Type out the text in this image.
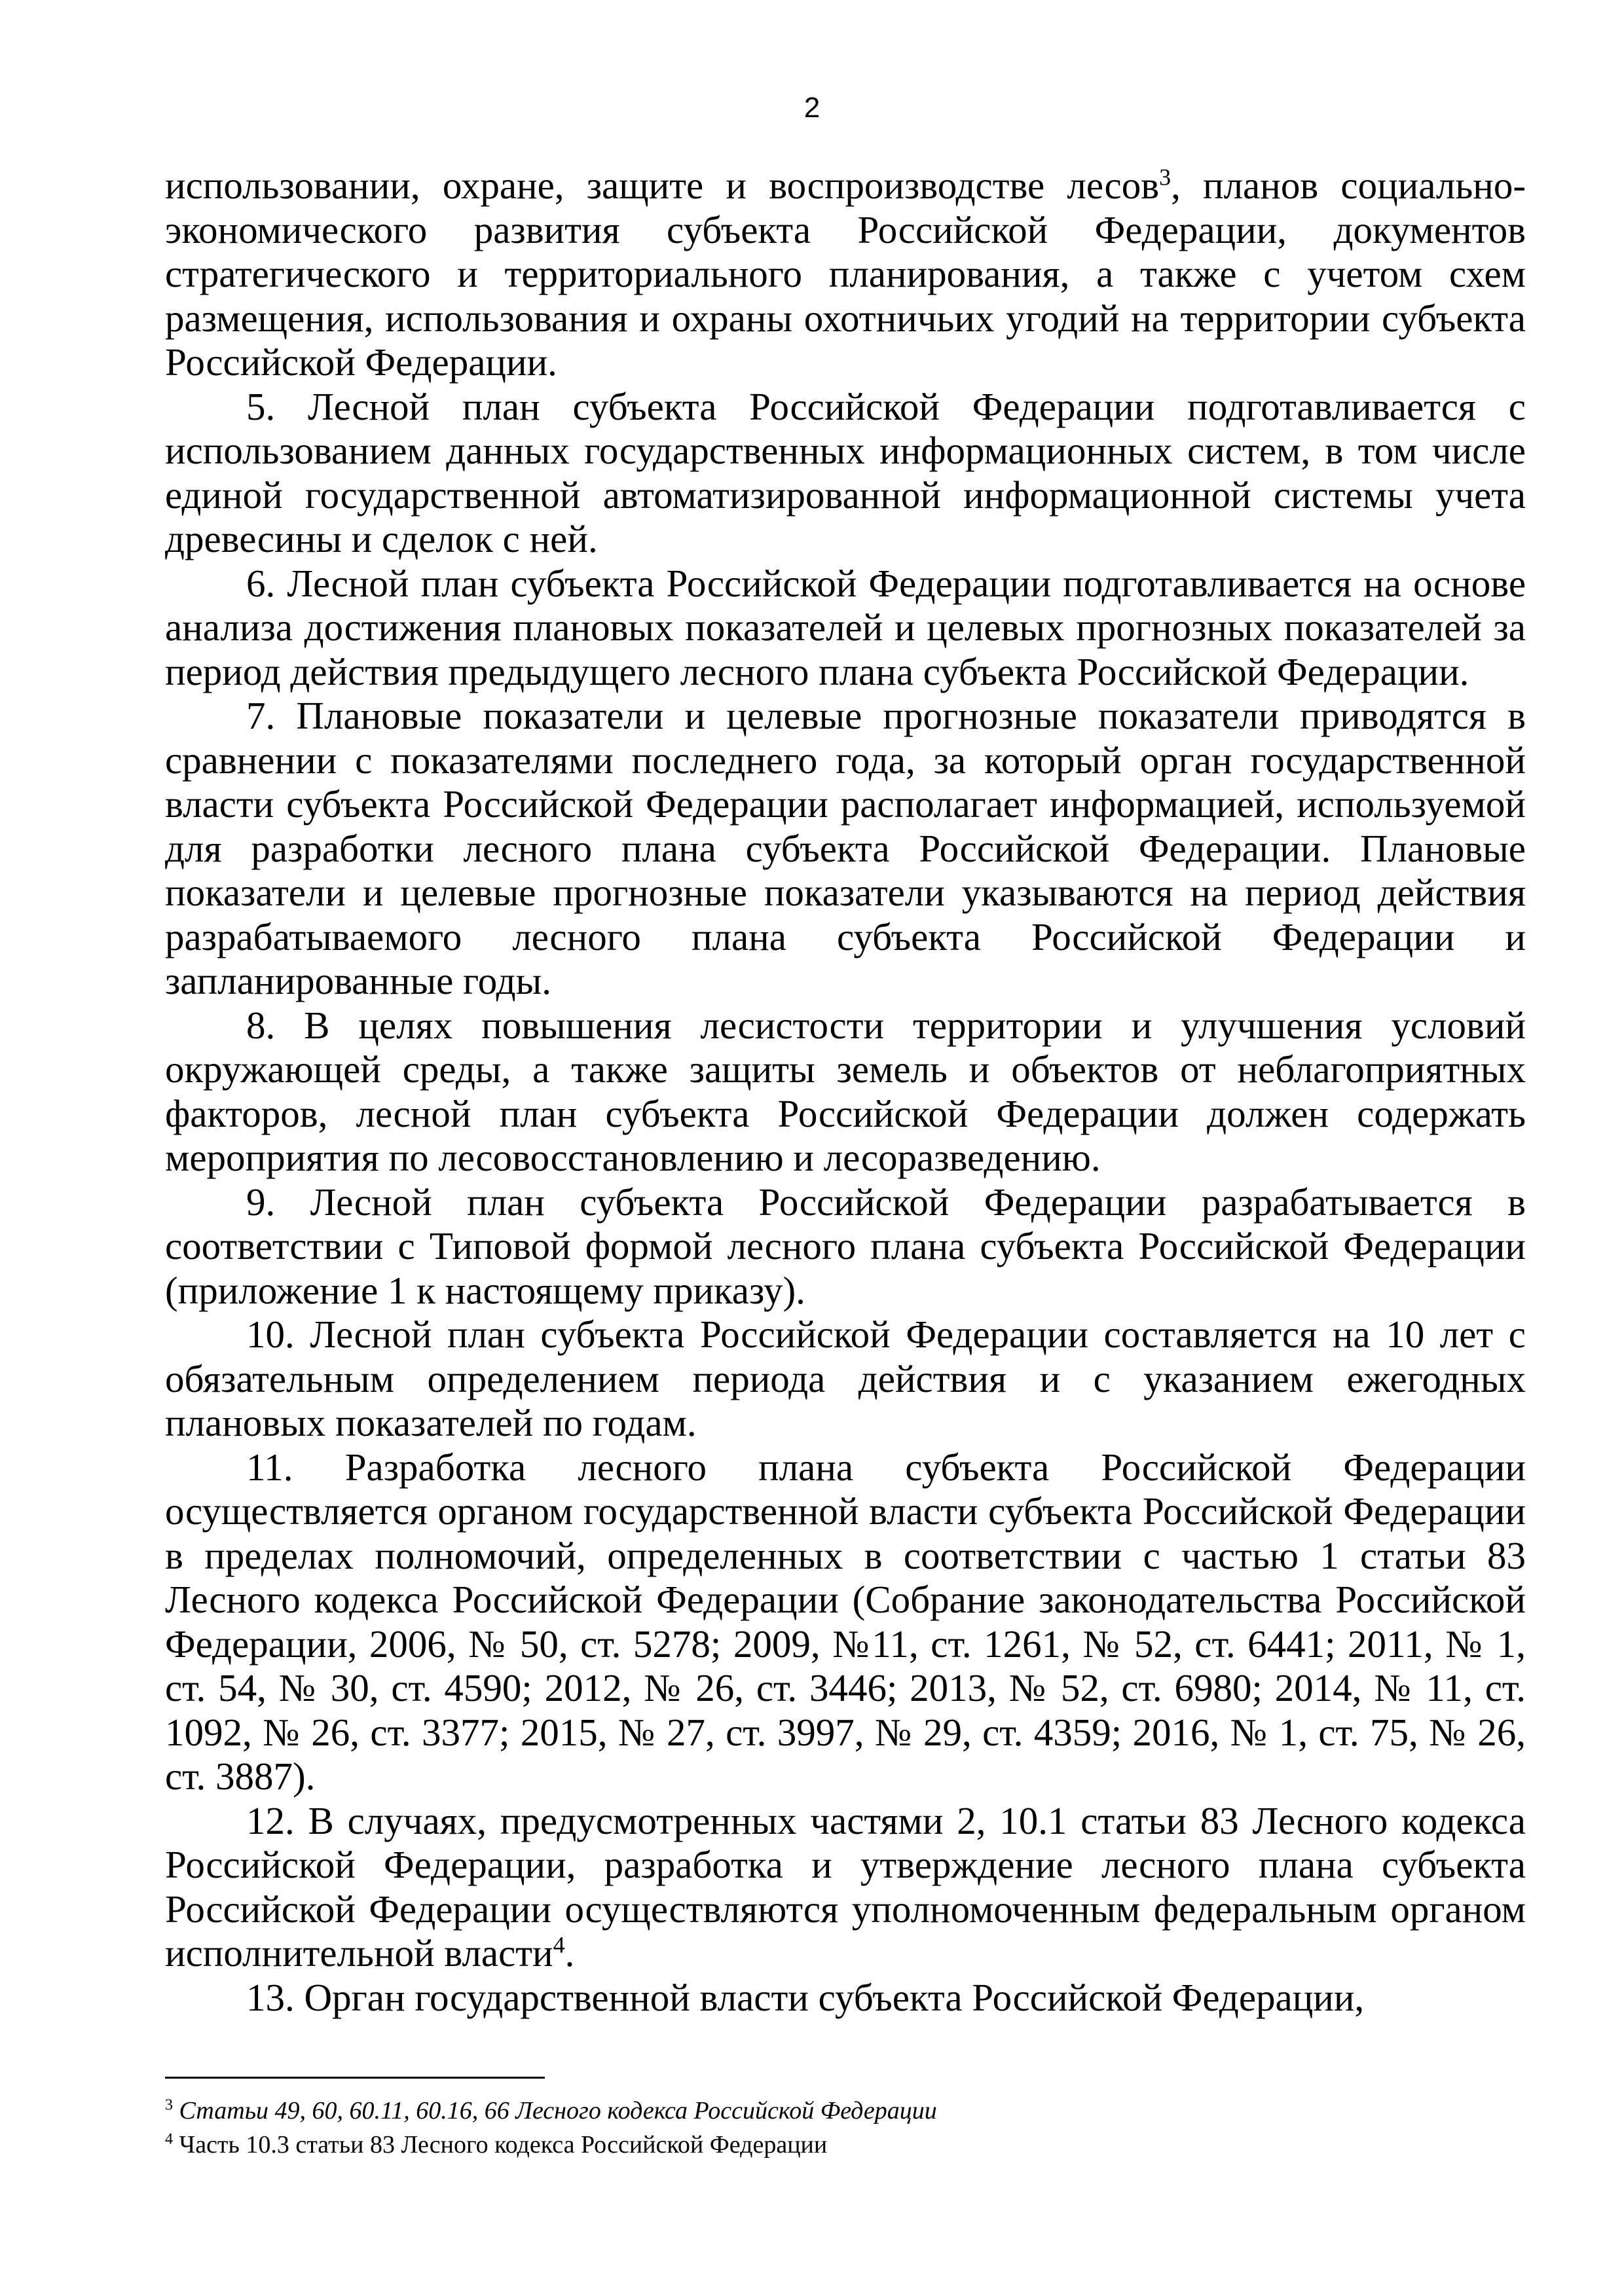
2

использовании, охране, защите и воспроизводстве лесов$^3$, планов социально-экономического развития субъекта Российской Федерации, документов стратегического и территориального планирования, а также с учетом схем размещения, использования и охраны охотничьих угодий на территории субъекта Российской Федерации.

5. Лесной план субъекта Российской Федерации подготавливается с использованием данных государственных информационных систем, в том числе единой государственной автоматизированной информационной системы учета древесины и сделок с ней.

6. Лесной план субъекта Российской Федерации подготавливается на основе анализа достижения плановых показателей и целевых прогнозных показателей за период действия предыдущего лесного плана субъекта Российской Федерации.

7. Плановые показатели и целевые прогнозные показатели приводятся в сравнении с показателями последнего года, за который орган государственной власти субъекта Российской Федерации располагает информацией, используемой для разработки лесного плана субъекта Российской Федерации. Плановые показатели и целевые прогнозные показатели указываются на период действия разрабатываемого лесного плана субъекта Российской Федерации и запланированные годы.

8. В целях повышения лесистости территории и улучшения условий окружающей среды, а также защиты земель и объектов от неблагоприятных факторов, лесной план субъекта Российской Федерации должен содержать мероприятия по лесовосстановлению и лесоразведению.

9. Лесной план субъекта Российской Федерации разрабатывается в соответствии с Типовой формой лесного плана субъекта Российской Федерации (приложение 1 к настоящему приказу).

10. Лесной план субъекта Российской Федерации составляется на 10 лет с обязательным определением периода действия и с указанием ежегодных плановых показателей по годам.

11. Разработка лесного плана субъекта Российской Федерации осуществляется органом государственной власти субъекта Российской Федерации в пределах полномочий, определенных в соответствии с частью 1 статьи 83 Лесного кодекса Российской Федерации (Собрание законодательства Российской Федерации, 2006, № 50, ст. 5278; 2009, №11, ст. 1261, № 52, ст. 6441; 2011, № 1, ст. 54, № 30, ст. 4590; 2012, № 26, ст. 3446; 2013, № 52, ст. 6980; 2014, № 11, ст. 1092, № 26, ст. 3377; 2015, № 27, ст. 3997, № 29, ст. 4359; 2016, № 1, ст. 75, № 26, ст. 3887).

12. В случаях, предусмотренных частями 2, 10.1 статьи 83 Лесного кодекса Российской Федерации, разработка и утверждение лесного плана субъекта Российской Федерации осуществляются уполномоченным федеральным органом исполнительной власти$^4$.

13. Орган государственной власти субъекта Российской Федерации,

$^3$ Статьи 49, 60, 60.11, 60.16, 66 Лесного кодекса Российской Федерации

$^4$ Часть 10.3 статьи 83 Лесного кодекса Российской Федерации
